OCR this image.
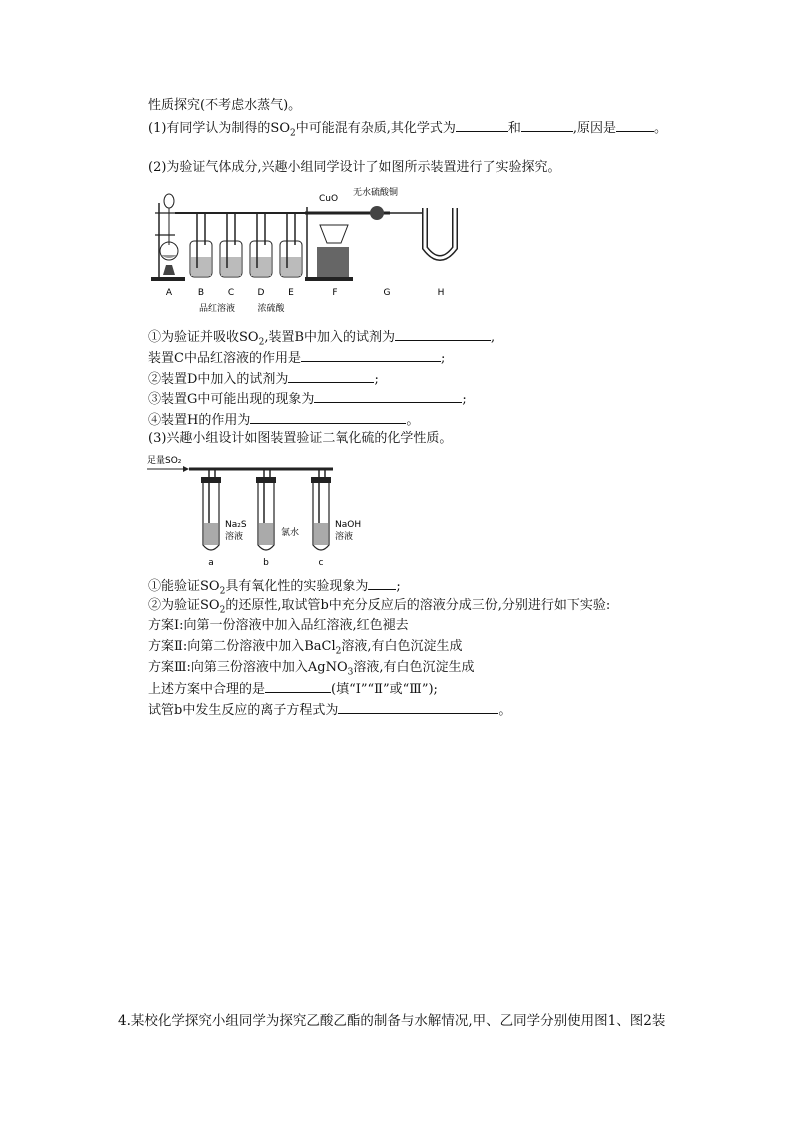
性质探究(不考虑水蒸气)。
(1)有同学认为制得的$SO_2$中可能混有杂质,其化学式为	和	,原因是	。
(2)为验证气体成分,兴趣小组同学设计了如图所示装置进行了实验探究。
CuO
无水硫酸铜
A	B	C	D	E	F	G	H
品红溶液 浓硫酸
①为验证并吸收$SO_2$,装置B中加入的试剂为	,
装置C中品红溶液的作用是	;
②装置D中加入的试剂为	;
③装置G中可能出现的现象为	;
④装置H的作用为	。
(3)兴趣小组设计如图装置验证二氧化硫的化学性质。
足量SO₂
Na₂S
溶液	氯水
NaOH
溶液
a	b	c
①能验证$SO_2$具有氧化性的实验现象为 ;
②为验证$SO_2$的还原性,取试管b中充分反应后的溶液分成三份,分别进行如下实验:
方案Ⅰ:向第一份溶液中加入品红溶液,红色褪去
方案Ⅱ:向第二份溶液中加入BaCl$_2$溶液,有白色沉淀生成
方案Ⅲ:向第三份溶液中加入AgNO$_3$溶液,有白色沉淀生成
上述方案中合理的是	(填“Ⅰ”“Ⅱ”或“Ⅲ”);
试管b中发生反应的离子方程式为	。
4.某校化学探究小组同学为探究乙酸乙酯的制备与水解情况,甲、乙同学分别使用图1、图2装
